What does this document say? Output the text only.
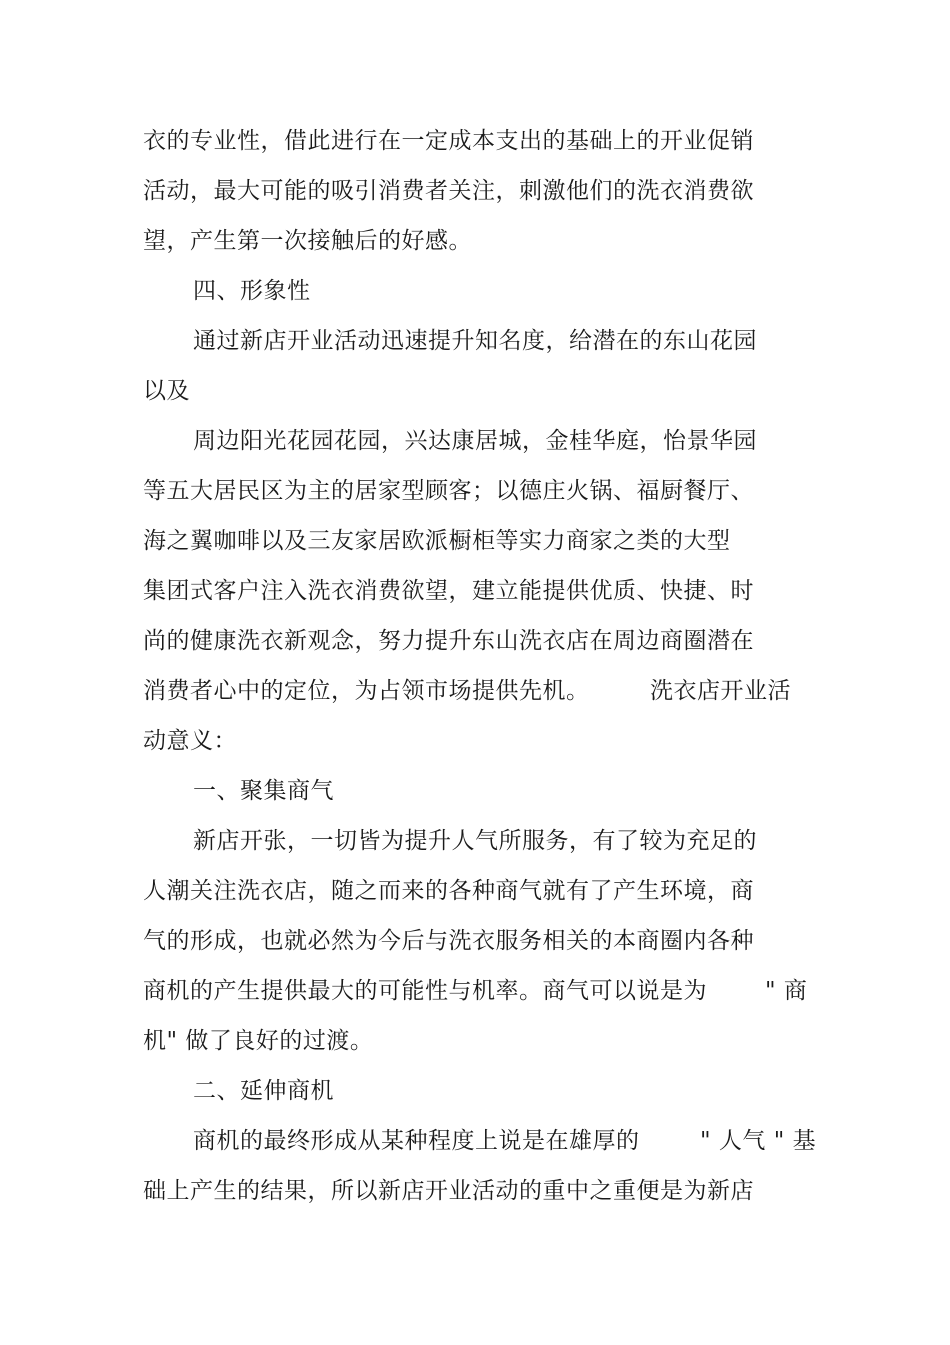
衣的专业性，借此进行在一定成本支出的基础上的开业促销
活动，最大可能的吸引消费者关注，刺激他们的洗衣消费欲
望，产生第一次接触后的好感。
四、形象性
通过新店开业活动迅速提升知名度，给潜在的东山花园
以及
周边阳光花园花园，兴达康居城，金桂华庭，怡景华园
等五大居民区为主的居家型顾客；以德庄火锅、福厨餐厅、
海之翼咖啡以及三友家居欧派橱柜等实力商家之类的大型
集团式客户注入洗衣消费欲望，建立能提供优质、快捷、时
尚的健康洗衣新观念，努力提升东山洗衣店在周边商圈潜在
消费者心中的定位，为占领市场提供先机。	洗衣店开业活
动意义：
一、聚集商气
新店开张，一切皆为提升人气所服务，有了较为充足的
人潮关注洗衣店，随之而来的各种商气就有了产生环境，商
气的形成，也就必然为今后与洗衣服务相关的本商圈内各种
商机的产生提供最大的可能性与机率。商气可以说是为	" 商
机" 做了良好的过渡。
二、延伸商机
商机的最终形成从某种程度上说是在雄厚的	" 人气 " 基
础上产生的结果，所以新店开业活动的重中之重便是为新店
